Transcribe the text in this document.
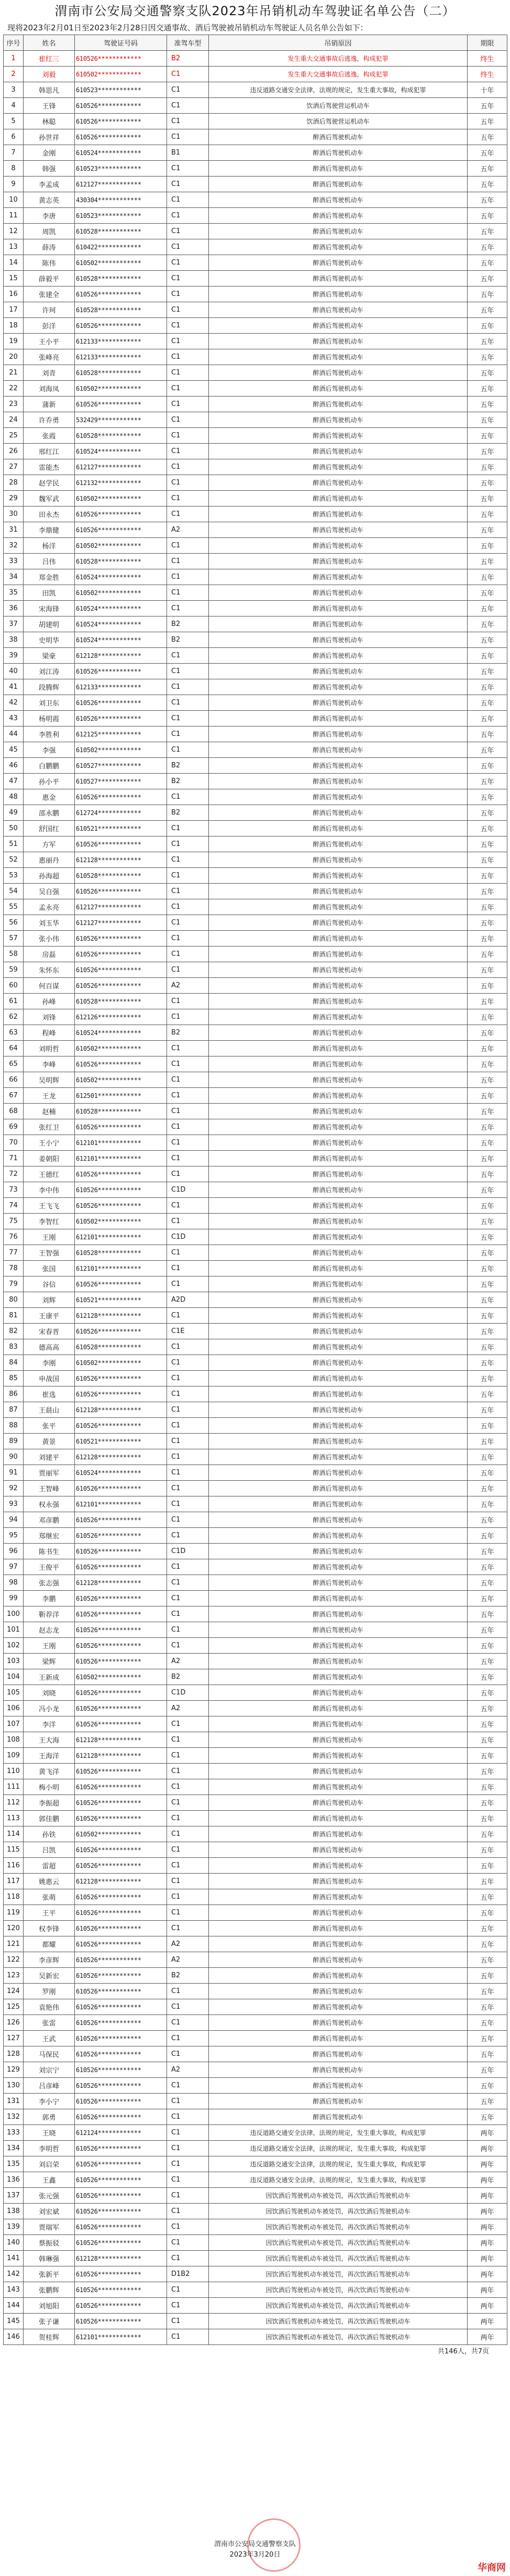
渭南市公安局交通警察支队2023年吊销机动车驾驶证名单公告（二）
现将2023年2月01日至2023年2月28日因交通事故、酒后驾驶被吊销机动车驾驶证人员名单公告如下：
序号	姓名	驾驶证号码	准驾车型	吊销原因	期限
1	崔红三	610526************	B2	发生重大交通事故后逃逸，构成犯罪	终生
2	刘毅	610502************	C1	发生重大交通事故后逃逸，构成犯罪	终生
3	韩思凡	610523************	C1	违反道路交通安全法律，法规的规定，发生重大事故，构成犯罪	十年
4	王锋	610526************	C1	饮酒后驾驶营运机动车	五年
5	林聪	610526************	C1	饮酒后驾驶营运机动车	五年
6	孙世祥	610526************	C1	醉酒后驾驶机动车	五年
7	金刚	610524************	B1	醉酒后驾驶机动车	五年
8	韩强	610523************	C1	醉酒后驾驶机动车	五年
9	李孟成	612127************	C1	醉酒后驾驶机动车	五年
10	黄志英	430304************	C1	醉酒后驾驶机动车	五年
11	李唐	610523************	C1	醉酒后驾驶机动车	五年
12	周凯	610528************	C1	醉酒后驾驶机动车	五年
13	薛涛	610422************	C1	醉酒后驾驶机动车	五年
14	陈伟	610502************	C1	醉酒后驾驶机动车	五年
15	薛毅平	610528************	C1	醉酒后驾驶机动车	五年
16	张建全	610526************	C1	醉酒后驾驶机动车	五年
17	许珂	610528************	C1	醉酒后驾驶机动车	五年
18	彭洋	610526************	C1	醉酒后驾驶机动车	五年
19	王小平	612133************	C1	醉酒后驾驶机动车	五年
20	张峰亮	612133************	C1	醉酒后驾驶机动车	五年
21	刘青	610528************	C1	醉酒后驾驶机动车	五年
22	刘海凤	610502************	C1	醉酒后驾驶机动车	五年
23	蒲新	610526************	C1	醉酒后驾驶机动车	五年
24	许乔勇	532429************	C1	醉酒后驾驶机动车	五年
25	张霞	610528************	C1	醉酒后驾驶机动车	五年
26	邢红江	610524************	C1	醉酒后驾驶机动车	五年
27	雷能杰	612127************	C1	醉酒后驾驶机动车	五年
28	赵学民	612132************	C1	醉酒后驾驶机动车	五年
29	魏军武	610502************	C1	醉酒后驾驶机动车	五年
30	田永杰	610526************	C1	醉酒后驾驶机动车	五年
31	李鼎健	610526************	A2	醉酒后驾驶机动车	五年
32	杨洋	610502************	C1	醉酒后驾驶机动车	五年
33	吕伟	610528************	C1	醉酒后驾驶机动车	五年
34	郑金胜	610524************	C1	醉酒后驾驶机动车	五年
35	田凯	610502************	C1	醉酒后驾驶机动车	五年
36	宋海锋	610524************	C1	醉酒后驾驶机动车	五年
37	胡建明	610524************	B2	醉酒后驾驶机动车	五年
38	史明华	610524************	B2	醉酒后驾驶机动车	五年
39	梁豪	612128************	C1	醉酒后驾驶机动车	五年
40	刘江涛	610526************	C1	醉酒后驾驶机动车	五年
41	段腾辉	612133************	C1	醉酒后驾驶机动车	五年
42	刘卫东	610526************	C1	醉酒后驾驶机动车	五年
43	杨明霞	610526************	C1	醉酒后驾驶机动车	五年
44	李胜利	612125************	C1	醉酒后驾驶机动车	五年
45	李强	610502************	C1	醉酒后驾驶机动车	五年
46	白鹏鹏	610527************	B2	醉酒后驾驶机动车	五年
47	孙小平	610527************	B2	醉酒后驾驶机动车	五年
48	惠金	610526************	C1	醉酒后驾驶机动车	五年
49	邵永鹏	612724************	B2	醉酒后驾驶机动车	五年
50	舒国红	610521************	C1	醉酒后驾驶机动车	五年
51	方军	610526************	C1	醉酒后驾驶机动车	五年
52	惠丽丹	612128************	C1	醉酒后驾驶机动车	五年
53	孙海超	610528************	C1	醉酒后驾驶机动车	五年
54	吴自强	610526************	C1	醉酒后驾驶机动车	五年
55	孟永亮	612127************	C1	醉酒后驾驶机动车	五年
56	刘玉华	612127************	C1	醉酒后驾驶机动车	五年
57	张小伟	610526************	C1	醉酒后驾驶机动车	五年
58	房磊	610526************	C1	醉酒后驾驶机动车	五年
59	朱怀东	610526************	C1	醉酒后驾驶机动车	五年
60	何百谋	610526************	A2	醉酒后驾驶机动车	五年
61	孙峰	610528************	C1	醉酒后驾驶机动车	五年
62	刘锋	612126************	C1	醉酒后驾驶机动车	五年
63	程峰	610524************	B2	醉酒后驾驶机动车	五年
64	刘明哲	610502************	C1	醉酒后驾驶机动车	五年
65	李峰	610526************	C1	醉酒后驾驶机动车	五年
66	吴明辉	610502************	C1	醉酒后驾驶机动车	五年
67	王龙	612501************	C1	醉酒后驾驶机动车	五年
68	赵楠	610528************	C1	醉酒后驾驶机动车	五年
69	张红卫	610526************	C1	醉酒后驾驶机动车	五年
70	王小宁	612101************	C1	醉酒后驾驶机动车	五年
71	姜朝阳	612101************	C1	醉酒后驾驶机动车	五年
72	王德红	610526************	C1	醉酒后驾驶机动车	五年
73	李中伟	610526************	C1D	醉酒后驾驶机动车	五年
74	王飞飞	610526************	C1	醉酒后驾驶机动车	五年
75	李智红	610502************	C1	醉酒后驾驶机动车	五年
76	王刚	612101************	C1D	醉酒后驾驶机动车	五年
77	王智强	610528************	C1	醉酒后驾驶机动车	五年
78	张国	612101************	C1	醉酒后驾驶机动车	五年
79	谷信	610526************	C1	醉酒后驾驶机动车	五年
80	刘辉	610521************	A2D	醉酒后驾驶机动车	五年
81	王康平	612128************	C1	醉酒后驾驶机动车	五年
82	宋春晋	610526************	C1E	醉酒后驾驶机动车	五年
83	德高高	610528************	C1	醉酒后驾驶机动车	五年
84	李刚	610502************	C1	醉酒后驾驶机动车	五年
85	申战国	610526************	C1	醉酒后驾驶机动车	五年
86	崔选	610526************	C1	醉酒后驾驶机动车	五年
87	王晨山	612128************	C1	醉酒后驾驶机动车	五年
88	张平	610526************	C1	醉酒后驾驶机动车	五年
89	黄景	610521************	C1	醉酒后驾驶机动车	五年
90	刘建平	612128************	C1	醉酒后驾驶机动车	五年
91	贾丽军	610524************	C1	醉酒后驾驶机动车	五年
92	王智峰	610526************	C1	醉酒后驾驶机动车	五年
93	权永强	612101************	C1	醉酒后驾驶机动车	五年
94	邓彦鹏	610526************	C1	醉酒后驾驶机动车	五年
95	郑继宏	610526************	C1	醉酒后驾驶机动车	五年
96	陈书生	610526************	C1D	醉酒后驾驶机动车	五年
97	王俊平	610526************	C1	醉酒后驾驶机动车	五年
98	张志强	612128************	C1	醉酒后驾驶机动车	五年
99	李鹏	610526************	C1	醉酒后驾驶机动车	五年
100	靳荐洋	610526************	C1	醉酒后驾驶机动车	五年
101	赵志龙	610526************	C1	醉酒后驾驶机动车	五年
102	王刚	610526************	C1	醉酒后驾驶机动车	五年
103	梁辉	610526************	A2	醉酒后驾驶机动车	五年
104	王新成	610502************	B2	醉酒后驾驶机动车	五年
105	刘晓	610526************	C1D	醉酒后驾驶机动车	五年
106	冯小龙	610526************	A2	醉酒后驾驶机动车	五年
107	李洋	610526************	C1	醉酒后驾驶机动车	五年
108	王大海	612128************	C1	醉酒后驾驶机动车	五年
109	王海洋	612128************	C1	醉酒后驾驶机动车	五年
110	黄飞洋	610526************	C1	醉酒后驾驶机动车	五年
111	梅小明	610526************	C1	醉酒后驾驶机动车	五年
112	李振超	610526************	C1	醉酒后驾驶机动车	五年
113	郭佳鹏	610526************	C1	醉酒后驾驶机动车	五年
114	孙铁	610502************	C1	醉酒后驾驶机动车	五年
115	吕凯	610526************	C1	醉酒后驾驶机动车	五年
116	雷超	610526************	C1	醉酒后驾驶机动车	五年
117	姚惠云	612128************	C1	醉酒后驾驶机动车	五年
118	张萌	610526************	C1	醉酒后驾驶机动车	五年
119	王平	610526************	C1	醉酒后驾驶机动车	五年
120	权李锋	610526************	C1	醉酒后驾驶机动车	五年
121	都耀	610526************	A2	醉酒后驾驶机动车	五年
122	李彦辉	610526************	A2	醉酒后驾驶机动车	五年
123	吴新宏	610526************	B2	醉酒后驾驶机动车	五年
124	罗刚	610526************	C1	醉酒后驾驶机动车	五年
125	袁艳伟	610526************	C1	醉酒后驾驶机动车	五年
126	张雷	610526************	C1	醉酒后驾驶机动车	五年
127	王武	610526************	C1	醉酒后驾驶机动车	五年
128	马保民	610526************	C1	醉酒后驾驶机动车	五年
129	刘宗宁	610526************	A2	醉酒后驾驶机动车	五年
130	吕彦峰	610526************	C1	醉酒后驾驶机动车	五年
131	李小宁	610526************	C1	醉酒后驾驶机动车	五年
132	郭勇	610526************	C1	醉酒后驾驶机动车	五年
133	王晓	612124************	C1	违反道路交通安全法律，法规的规定，发生重大事故，构成犯罪	两年
134	李明哲	610526************	C1	违反道路交通安全法律，法规的规定，发生重大事故，构成犯罪	两年
135	刘启荣	610526************	C1	违反道路交通安全法律，法规的规定，发生重大事故，构成犯罪	两年
136	王鑫	610526************	C1	违反道路交通安全法律，法规的规定，发生重大事故，构成犯罪	两年
137	张元强	610526************	C1	因饮酒后驾驶机动车被处罚，再次饮酒后驾驶机动车	两年
138	刘宏斌	610526************	C1	因饮酒后驾驶机动车被处罚，再次饮酒后驾驶机动车	两年
139	贾瑞军	610526************	C1	因饮酒后驾驶机动车被处罚，再次饮酒后驾驶机动车	两年
140	蔡振驳	610526************	C1	因饮酒后驾驶机动车被处罚，再次饮酒后驾驶机动车	两年
141	韩琳强	612128************	C1	因饮酒后驾驶机动车被处罚，再次饮酒后驾驶机动车	两年
142	张新平	610526************	D1B2	因饮酒后驾驶机动车被处罚，再次饮酒后驾驶机动车	两年
143	张鹏辉	610526************	C1	因饮酒后驾驶机动车被处罚，再次饮酒后驾驶机动车	两年
144	刘旭阳	610526************	C1	因饮酒后驾驶机动车被处罚，再次饮酒后驾驶机动车	两年
145	张子谦	610526************	C1	因饮酒后驾驶机动车被处罚，再次饮酒后驾驶机动车	两年
146	贺桂辉	612101************	C1	因饮酒后驾驶机动车被处罚，再次饮酒后驾驶机动车	两年
共146人，共7页
渭南市公安局交通警察支队
2023年3月20日
华商网
